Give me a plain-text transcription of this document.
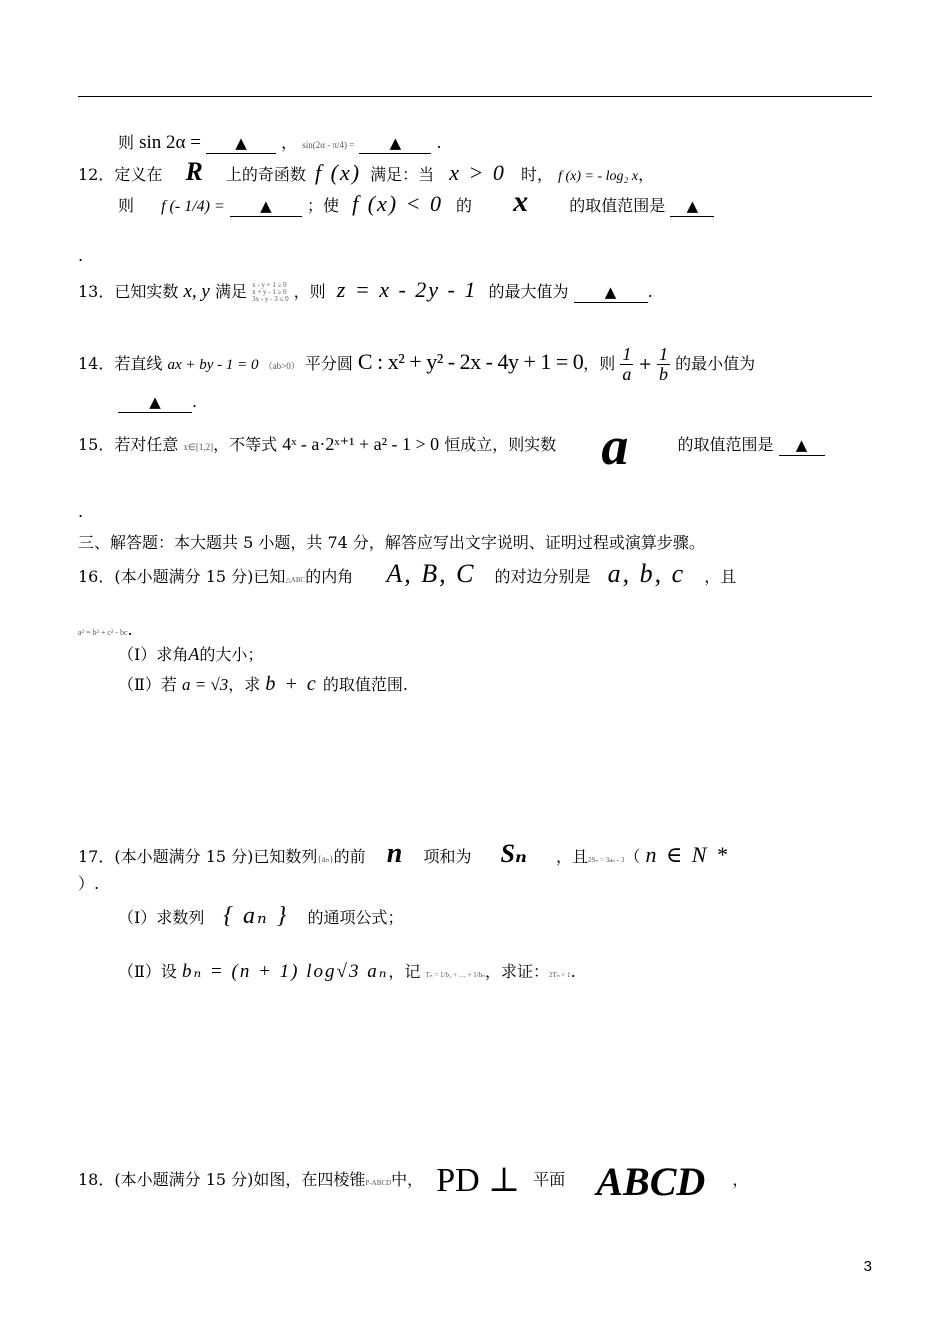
则 sin 2α = ▲ ， sin(2α - π/4) = ▲ .
12．定义在 R 上的奇函数 f (x) 满足：当 x > 0 时， f (x) = - log₂ x，
则 f (- 1/4) = ▲ ；使 f (x) < 0 的 x	的取值范围是 ▲
.
13．已知实数 x, y 满足 x - y + 1 ≥ 0
x + y - 1 ≥ 0
3x - y - 3 ≤ 0 ，则 z = x - 2y - 1 的最大值为 ▲ .
14．若直线 ax + by - 1 = 0 （ab>0） 平分圆 C : x² + y² - 2x - 4y + 1 = 0，则 $\frac{1}{a} + \frac{1}{b}$ 的最小值为
▲ .
15．若对任意 x∈[1,2]，不等式 4ˣ - a·2ˣ⁺¹ + a² - 1 > 0 恒成立，则实数 a	的取值范围是 ▲
.
三、解答题：本大题共 5 小题，共 74 分，解答应写出文字说明、证明过程或演算步骤。
16．(本小题满分 15 分)已知△ABC的内角 A, B, C 的对边分别是 a, b, c ，且
a² = b² + c² - bc.
（Ⅰ）求角A的大小；
（Ⅱ）若 a = √3，求 b + c 的取值范围.
17．(本小题满分 15 分)已知数列{aₙ}的前 n 项和为 Sₙ ，且2Sₙ = 3aₙ - 3（ n ∈ N *
）.
（Ⅰ）求数列 { aₙ } 的通项公式；
（Ⅱ）设 bₙ = (n + 1) log√3 aₙ，记 Tₙ = 1/b₁ + … + 1/bₙ，求证：2Tₙ < 1.
18．(本小题满分 15 分)如图，在四棱锥P-ABCD中， PD ⊥ 平面 ABCD ，
3
